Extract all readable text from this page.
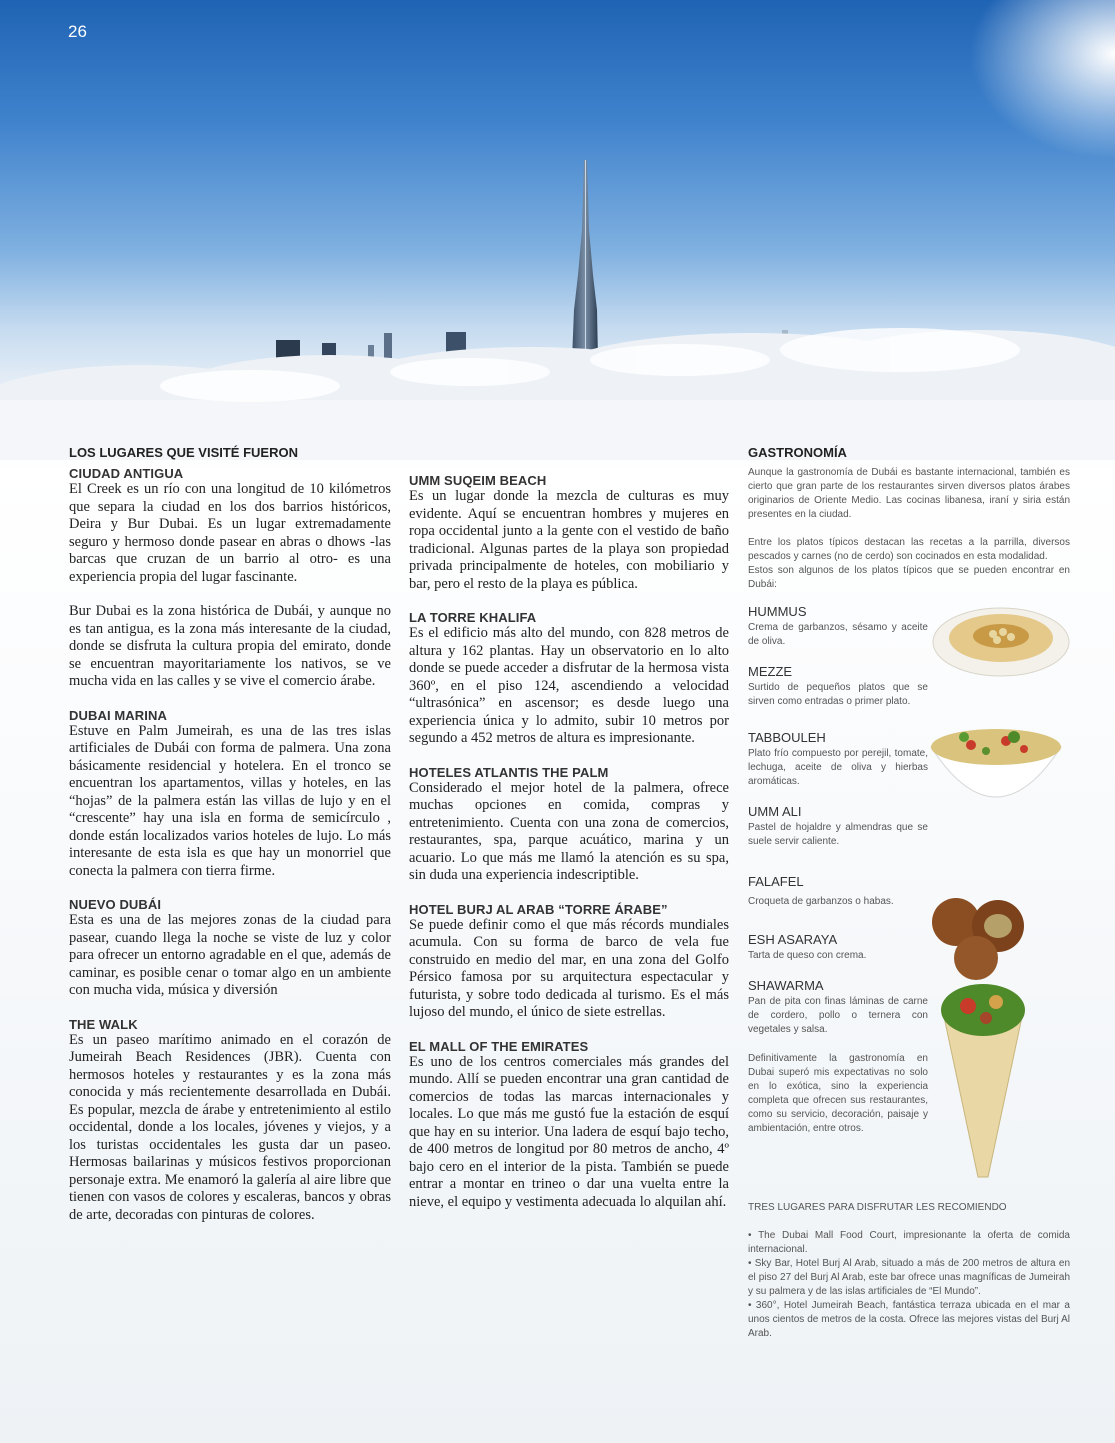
26
LOS LUGARES QUE VISITÉ FUERON
CIUDAD ANTIGUA

El Creek es un río con una longitud de 10 kilómetros que separa la ciudad en los dos barrios históricos, Deira y Bur Dubai. Es un lugar extremadamente seguro y hermoso donde pasear en abras o dhows -las barcas que cruzan de un barrio al otro- es una experiencia propia del lugar fascinante.

Bur Dubai es la zona histórica de Dubái, y aunque no es tan antigua, es la zona más interesante de la ciudad, donde se disfruta la cultura propia del emirato, donde se encuentran mayoritariamente los nativos, se ve mucha vida en las calles y se vive el comercio árabe.

DUBAI MARINA

Estuve en Palm Jumeirah, es una de las tres islas artificiales de Dubái con forma de palmera. Una zona básicamente residencial y hotelera. En el tronco se encuentran los apartamentos, villas y hoteles, en las “hojas” de la palmera están las villas de lujo y en el “crescente” hay una isla en forma de semicírculo , donde están localizados varios hoteles de lujo. Lo más interesante de esta isla es que hay un monorriel que conecta la palmera con tierra firme.

NUEVO DUBÁI

Esta es una de las mejores zonas de la ciudad para pasear, cuando llega la noche se viste de luz y color para ofrecer un entorno agradable en el que, además de caminar, es posible cenar o tomar algo en un ambiente con mucha vida, música y diversión

THE WALK

Es un paseo marítimo animado en el corazón de Jumeirah Beach Residences (JBR). Cuenta con hermosos hoteles y restaurantes y es la zona más conocida y más recientemente desarrollada en Dubái. Es popular, mezcla de árabe y entretenimiento al estilo occidental, donde a los locales, jóvenes y viejos, y a los turistas occidentales les gusta dar un paseo. Hermosas bailarinas y músicos festivos proporcionan personaje extra. Me enamoró la galería al aire libre que tienen con vasos de colores y escaleras, bancos y obras de arte, decoradas con pinturas de colores.

UMM SUQEIM BEACH

Es un lugar donde la mezcla de culturas es muy evidente. Aquí se encuentran hombres y mujeres en ropa occidental junto a la gente con el vestido de baño tradicional. Algunas partes de la playa son propiedad privada principalmente de hoteles, con mobiliario y bar, pero el resto de la playa es pública.

LA TORRE KHALIFA

Es el edificio más alto del mundo, con 828 metros de altura y 162 plantas. Hay un observatorio en lo alto donde se puede acceder a disfrutar de la hermosa vista 360º, en el piso 124, ascendiendo a velocidad “ultrasónica” en ascensor; es desde luego una experiencia única y lo admito, subir 10 metros por segundo a 452 metros de altura es impresionante.

HOTELES ATLANTIS THE PALM

Considerado el mejor hotel de la palmera, ofrece muchas opciones en comida, compras y entretenimiento. Cuenta con una zona de comercios, restaurantes, spa, parque acuático, marina y un acuario. Lo que más me llamó la atención es su spa, sin duda una experiencia indescriptible.

HOTEL BURJ AL ARAB “TORRE ÁRABE”

Se puede definir como el que más récords mundiales acumula. Con su forma de barco de vela fue construido en medio del mar, en una zona del Golfo Pérsico famosa por su arquitectura espectacular y futurista, y sobre todo dedicada al turismo. Es el más lujoso del mundo, el único de siete estrellas.

EL MALL OF THE EMIRATES

Es uno de los centros comerciales más grandes del mundo. Allí se pueden encontrar una gran cantidad de comercios de todas las marcas internacionales y locales. Lo que más me gustó fue la estación de esquí que hay en su interior. Una ladera de esquí bajo techo, de 400 metros de longitud por 80 metros de ancho, 4º bajo cero en el interior de la pista. También se puede entrar a montar en trineo o dar una vuelta entre la nieve, el equipo y vestimenta adecuada lo alquilan ahí.

GASTRONOMÍA

Aunque la gastronomía de Dubái es bastante internacional, también es cierto que gran parte de los restaurantes sirven diversos platos árabes originarios de Oriente Medio. Las cocinas libanesa, iraní y siria están presentes en la ciudad.

Entre los platos típicos destacan las recetas a la parrilla, diversos pescados y carnes (no de cerdo) son cocinados en esta modalidad.

Estos son algunos de los platos típicos que se pueden encontrar en Dubái:

HUMMUS

Crema de garbanzos, sésamo y aceite de oliva.

MEZZE

Surtido de pequeños platos que se sirven como entradas o primer plato.

TABBOULEH

Plato frío compuesto por perejil, tomate, lechuga, aceite de oliva y hierbas aromáticas.

UMM ALI

Pastel de hojaldre y almendras que se suele servir caliente.

FALAFEL

Croqueta de garbanzos o habas.

ESH ASARAYA

Tarta de queso con crema.

SHAWARMA

Pan de pita con finas láminas de carne de cordero, pollo o ternera con vegetales y salsa.

Definitivamente la gastronomía en Dubai superó mis expectativas no solo en lo exótica, sino la experiencia completa que ofrecen sus restaurantes, como su servicio, decoración, paisaje y ambientación, entre otros.

TRES LUGARES PARA DISFRUTAR LES RECOMIENDO

• The Dubai Mall Food Court, impresionante la oferta de comida internacional.

• Sky Bar, Hotel Burj Al Arab, situado a más de 200 metros de altura en el piso 27 del Burj Al Arab, este bar ofrece unas magníficas de Jumeirah y su palmera y de las islas artificiales de “El Mundo”.

• 360°, Hotel Jumeirah Beach, fantástica terraza ubicada en el mar a unos cientos de metros de la costa. Ofrece las mejores vistas del Burj Al Arab.
